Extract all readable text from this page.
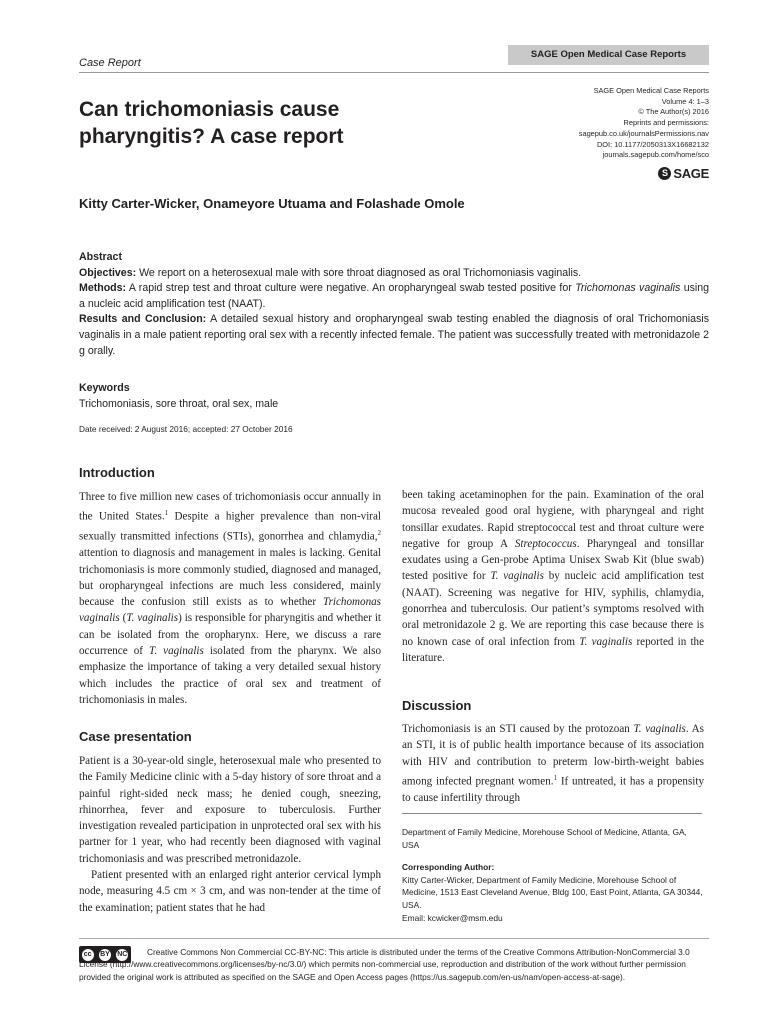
Case Report
SAGE Open Medical Case Reports
Can trichomoniasis cause pharyngitis? A case report
SAGE Open Medical Case Reports
Volume 4: 1–3
© The Author(s) 2016
Reprints and permissions:
sagepub.co.uk/journalsPermissions.nav
DOI: 10.1177/2050313X16682132
journals.sagepub.com/home/sco
S SAGE
Kitty Carter-Wicker, Onameyore Utuama and Folashade Omole
Abstract

Objectives: We report on a heterosexual male with sore throat diagnosed as oral Trichomoniasis vaginalis.

Methods: A rapid strep test and throat culture were negative. An oropharyngeal swab tested positive for Trichomonas vaginalis using a nucleic acid amplification test (NAAT).

Results and Conclusion: A detailed sexual history and oropharyngeal swab testing enabled the diagnosis of oral Trichomoniasis vaginalis in a male patient reporting oral sex with a recently infected female. The patient was successfully treated with metronidazole 2 g orally.

Keywords
Trichomoniasis, sore throat, oral sex, male
Date received: 2 August 2016; accepted: 27 October 2016
Introduction

Three to five million new cases of trichomoniasis occur annually in the United States.$^1$ Despite a higher prevalence than non-viral sexually transmitted infections (STIs), gonorrhea and chlamydia,$^2$ attention to diagnosis and management in males is lacking. Genital trichomoniasis is more commonly studied, diagnosed and managed, but oropharyngeal infections are much less considered, mainly because the confusion still exists as to whether Trichomonas vaginalis (T. vaginalis) is responsible for pharyngitis and whether it can be isolated from the oropharynx. Here, we discuss a rare occurrence of T. vaginalis isolated from the pharynx. We also emphasize the importance of taking a very detailed sexual history which includes the practice of oral sex and treatment of trichomoniasis in males.

Case presentation

Patient is a 30-year-old single, heterosexual male who presented to the Family Medicine clinic with a 5-day history of sore throat and a painful right-sided neck mass; he denied cough, sneezing, rhinorrhea, fever and exposure to tuberculosis. Further investigation revealed participation in unprotected oral sex with his partner for 1 year, who had recently been diagnosed with vaginal trichomoniasis and was prescribed metronidazole.

Patient presented with an enlarged right anterior cervical lymph node, measuring 4.5 cm × 3 cm, and was non-tender at the time of the examination; patient states that he had

been taking acetaminophen for the pain. Examination of the oral mucosa revealed good oral hygiene, with pharyngeal and right tonsillar exudates. Rapid streptococcal test and throat culture were negative for group A Streptococcus. Pharyngeal and tonsillar exudates using a Gen-probe Aptima Unisex Swab Kit (blue swab) tested positive for T. vaginalis by nucleic acid amplification test (NAAT). Screening was negative for HIV, syphilis, chlamydia, gonorrhea and tuberculosis. Our patient’s symptoms resolved with oral metronidazole 2 g. We are reporting this case because there is no known case of oral infection from T. vaginalis reported in the literature.

Discussion

Trichomoniasis is an STI caused by the protozoan T. vaginalis. As an STI, it is of public health importance because of its association with HIV and contribution to preterm low-birth-weight babies among infected pregnant women.$^1$ If untreated, it has a propensity to cause infertility through

Department of Family Medicine, Morehouse School of Medicine, Atlanta, GA, USA

Corresponding Author:

Kitty Carter-Wicker, Department of Family Medicine, Morehouse School of Medicine, 1513 East Cleveland Avenue, Bldg 100, East Point, Atlanta, GA 30344, USA.

Email: kcwicker@msm.edu

cc	BY NC	Creative Commons Non Commercial CC-BY-NC: This article is distributed under the terms of the Creative Commons Attribution-NonCommercial 3.0 License (http://www.creativecommons.org/licenses/by-nc/3.0/) which permits non-commercial use, reproduction and distribution of the work without further permission provided the original work is attributed as specified on the SAGE and Open Access pages (https://us.sagepub.com/en-us/nam/open-access-at-sage).
